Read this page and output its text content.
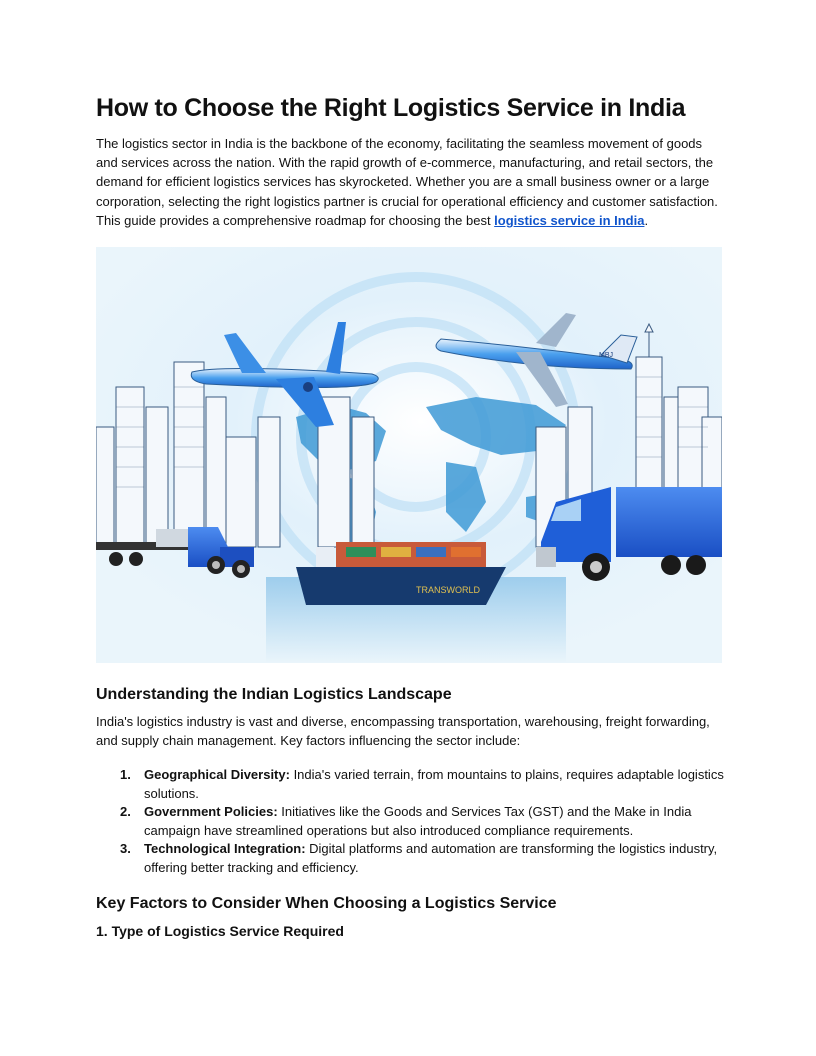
How to Choose the Right Logistics Service in India

The logistics sector in India is the backbone of the economy, facilitating the seamless movement of goods and services across the nation. With the rapid growth of e-commerce, manufacturing, and retail sectors, the demand for efficient logistics services has skyrocketed. Whether you are a small business owner or a large corporation, selecting the right logistics partner is crucial for operational efficiency and customer satisfaction. This guide provides a comprehensive roadmap for choosing the best logistics service in India.

MBJ
TRANSWORLD
Understanding the Indian Logistics Landscape

India's logistics industry is vast and diverse, encompassing transportation, warehousing, freight forwarding, and supply chain management. Key factors influencing the sector include:

1. Geographical Diversity: India's varied terrain, from mountains to plains, requires adaptable logistics solutions.
2. Government Policies: Initiatives like the Goods and Services Tax (GST) and the Make in India campaign have streamlined operations but also introduced compliance requirements.
3. Technological Integration: Digital platforms and automation are transforming the logistics industry, offering better tracking and efficiency.
Key Factors to Consider When Choosing a Logistics Service
1. Type of Logistics Service Required
